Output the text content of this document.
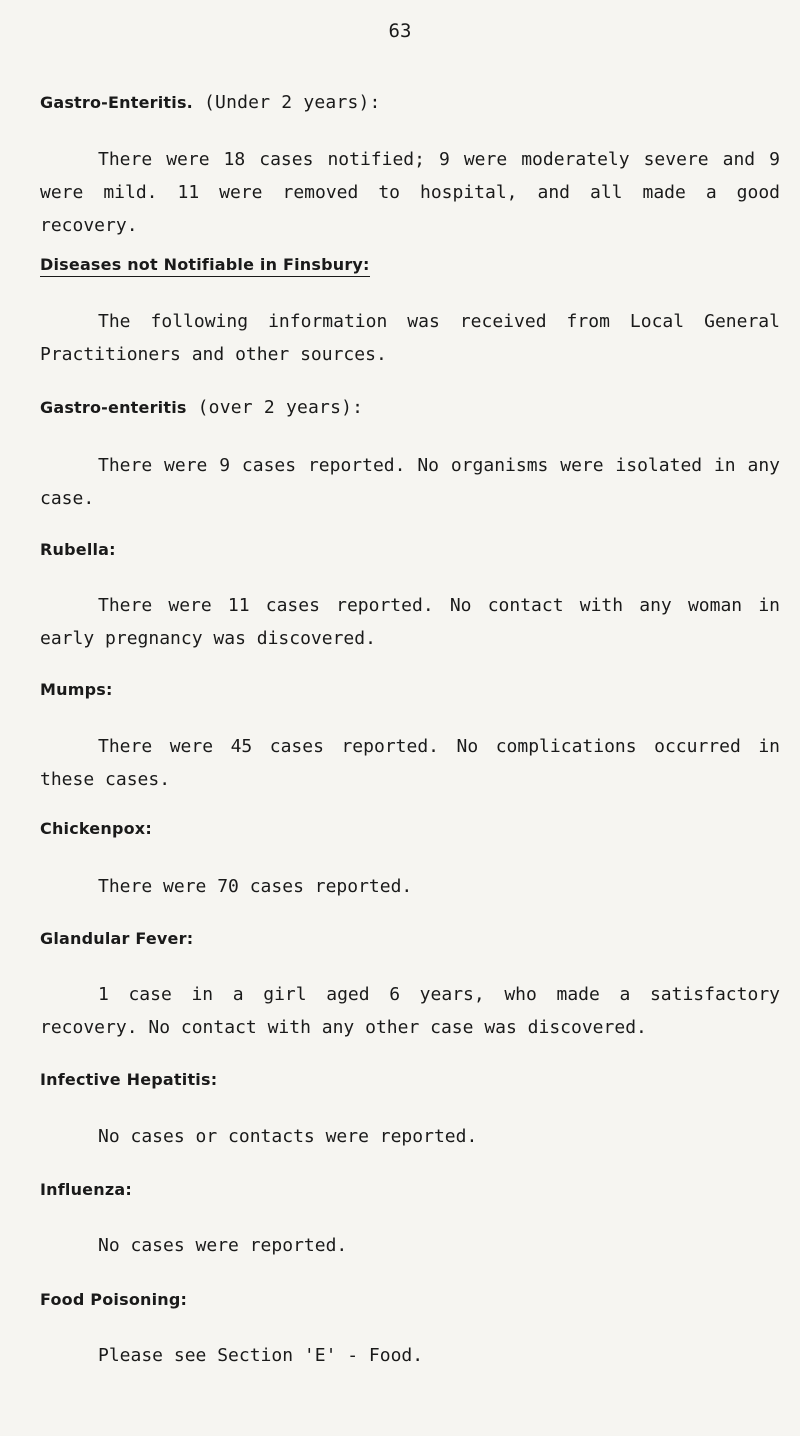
63
Gastro-Enteritis. (Under 2 years):
There were 18 cases notified; 9 were moderately severe and 9 were mild. 11 were removed to hospital, and all made a good recovery.
Diseases not Notifiable in Finsbury:
The following information was received from Local General Practitioners and other sources.
Gastro-enteritis (over 2 years):
There were 9 cases reported. No organisms were isolated in any case.
Rubella:
There were 11 cases reported. No contact with any woman in early pregnancy was discovered.
Mumps:
There were 45 cases reported. No complications occurred in these cases.
Chickenpox:
There were 70 cases reported.
Glandular Fever:
1 case in a girl aged 6 years, who made a satisfactory recovery. No contact with any other case was discovered.
Infective Hepatitis:
No cases or contacts were reported.
Influenza:
No cases were reported.
Food Poisoning:
Please see Section 'E' - Food.
